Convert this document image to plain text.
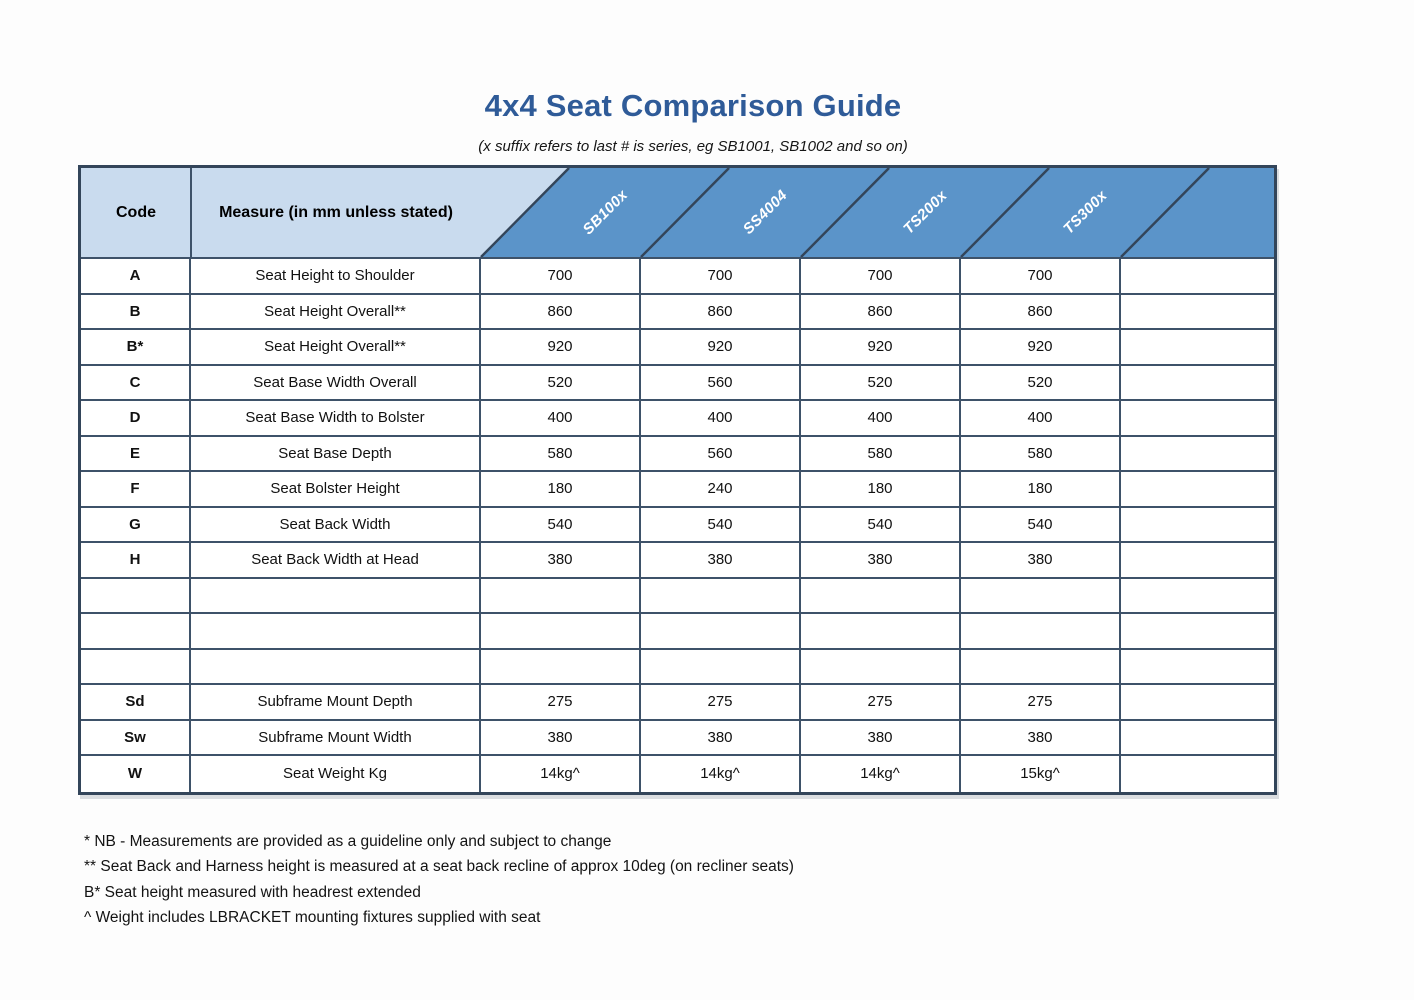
4x4 Seat Comparison Guide
(x suffix refers to last # is series, eg SB1001, SB1002 and so on)
Code	Measure (in mm unless stated)	SB100x	SS4004	TS200x	TS300x
A	Seat Height to Shoulder	700	700	700	700
B	Seat Height Overall**	860	860	860	860
B*	Seat Height Overall**	920	920	920	920
C	Seat Base Width Overall	520	560	520	520
D	Seat Base Width to Bolster	400	400	400	400
E	Seat Base Depth	580	560	580	580
F	Seat Bolster Height	180	240	180	180
G	Seat Back Width	540	540	540	540
H	Seat Back Width at Head	380	380	380	380
Sd	Subframe Mount Depth	275	275	275	275
Sw	Subframe Mount Width	380	380	380	380
W	Seat Weight Kg	14kg^	14kg^	14kg^	15kg^
* NB - Measurements are provided as a guideline only and subject to change
** Seat Back and Harness height is measured at a seat back recline of approx 10deg (on recliner seats)
B* Seat height measured with headrest extended
^ Weight includes LBRACKET mounting fixtures supplied with seat
